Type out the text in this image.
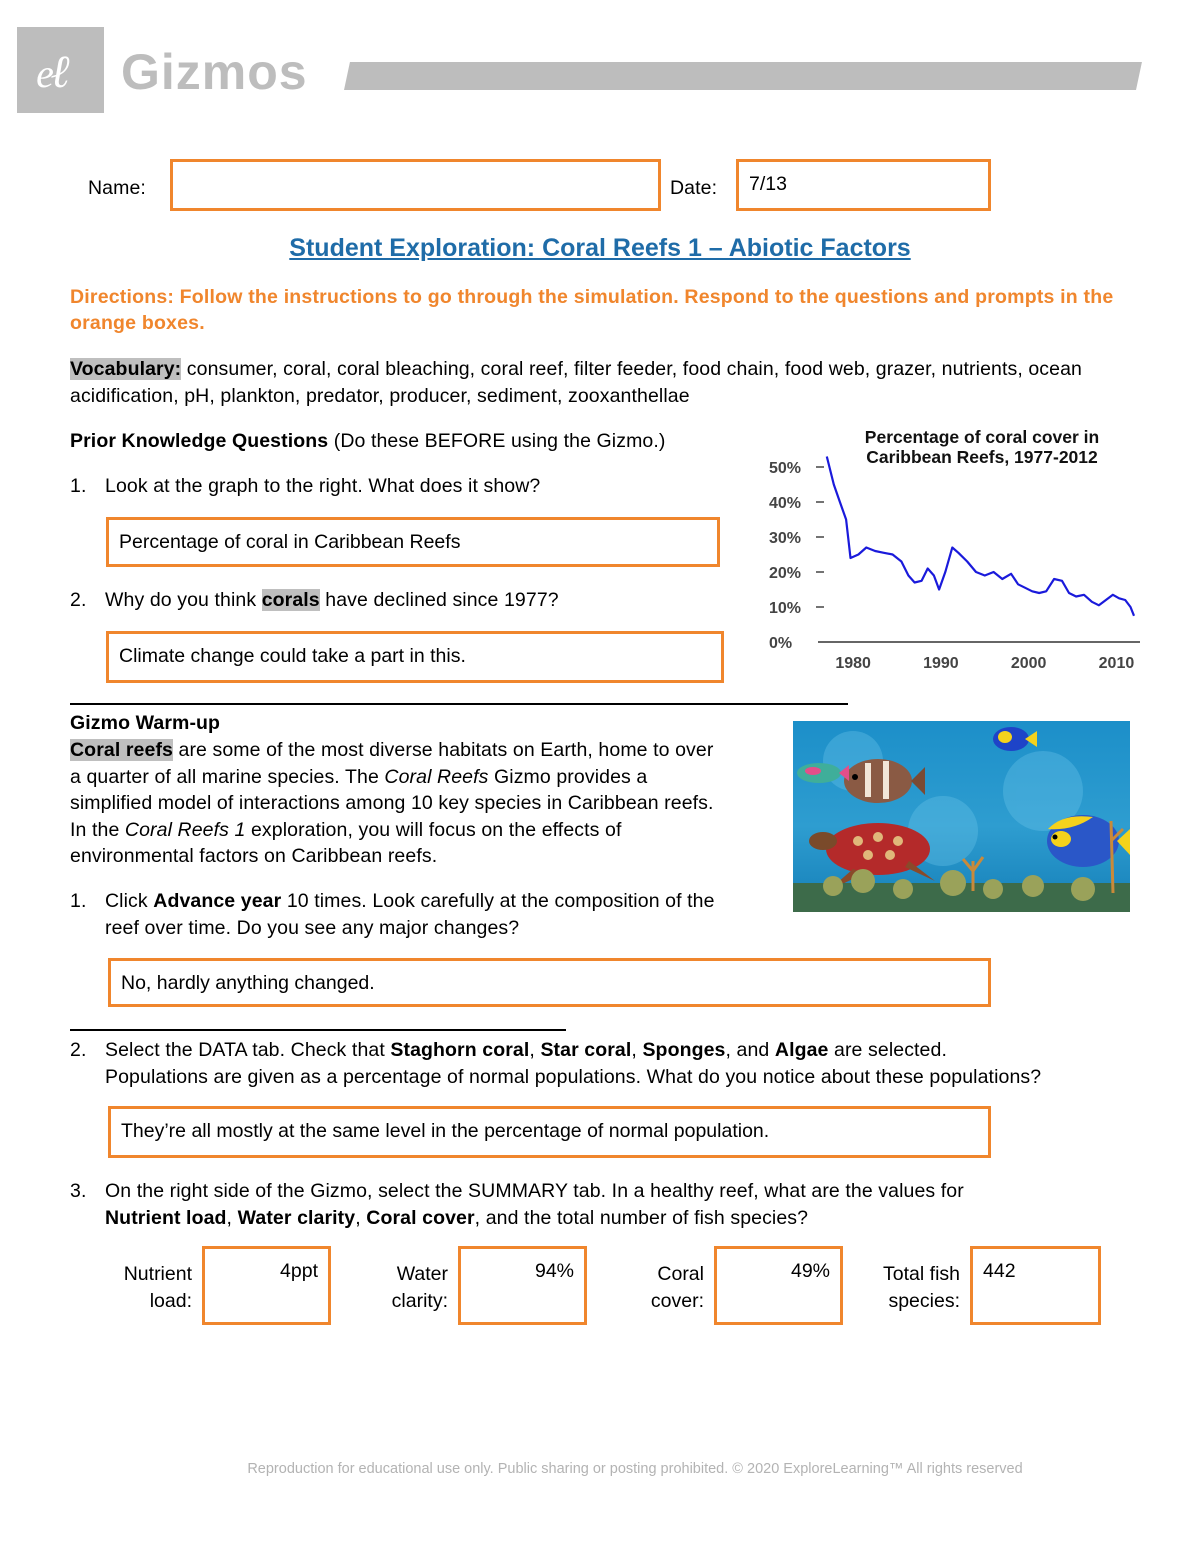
ℓ
e Gizmos
Name:	Date: 7/13
Student Exploration: Coral Reefs 1 – Abiotic Factors
Directions: Follow the instructions to go through the simulation. Respond to the questions and prompts in the orange boxes.
Vocabulary: consumer, coral, coral bleaching, coral reef, filter feeder, food chain, food web, grazer, nutrients, ocean acidification, pH, plankton, predator, producer, sediment, zooxanthellae
Prior Knowledge Questions (Do these BEFORE using the Gizmo.)
1. Look at the graph to the right. What does it show?
Percentage of coral in Caribbean Reefs
2. Why do you think corals have declined since 1977?
Climate change could take a part in this.
Percentage of coral cover in
Caribbean Reefs, 1977-2012
50%
40%
30%
20%
10%
0%
1980	1990	2000	2010
Gizmo Warm-up
Coral reefs are some of the most diverse habitats on Earth, home to over
a quarter of all marine species. The Coral Reefs Gizmo provides a
simplified model of interactions among 10 key species in Caribbean reefs.
In the Coral Reefs 1 exploration, you will focus on the effects of
environmental factors on Caribbean reefs.
1. Click Advance year 10 times. Look carefully at the composition of the
reef over time. Do you see any major changes?
No, hardly anything changed.
2. Select the DATA tab. Check that Staghorn coral, Star coral, Sponges, and Algae are selected.
Populations are given as a percentage of normal populations. What do you notice about these populations?
They’re all mostly at the same level in the percentage of normal population.
3. On the right side of the Gizmo, select the SUMMARY tab. In a healthy reef, what are the values for
Nutrient load, Water clarity, Coral cover, and the total number of fish species?
Nutrient
load:
4ppt	Water
clarity:
94%	Coral
cover:
49%	Total fish
species:
442
Reproduction for educational use only. Public sharing or posting prohibited. © 2020 ExploreLearning™ All rights reserved
